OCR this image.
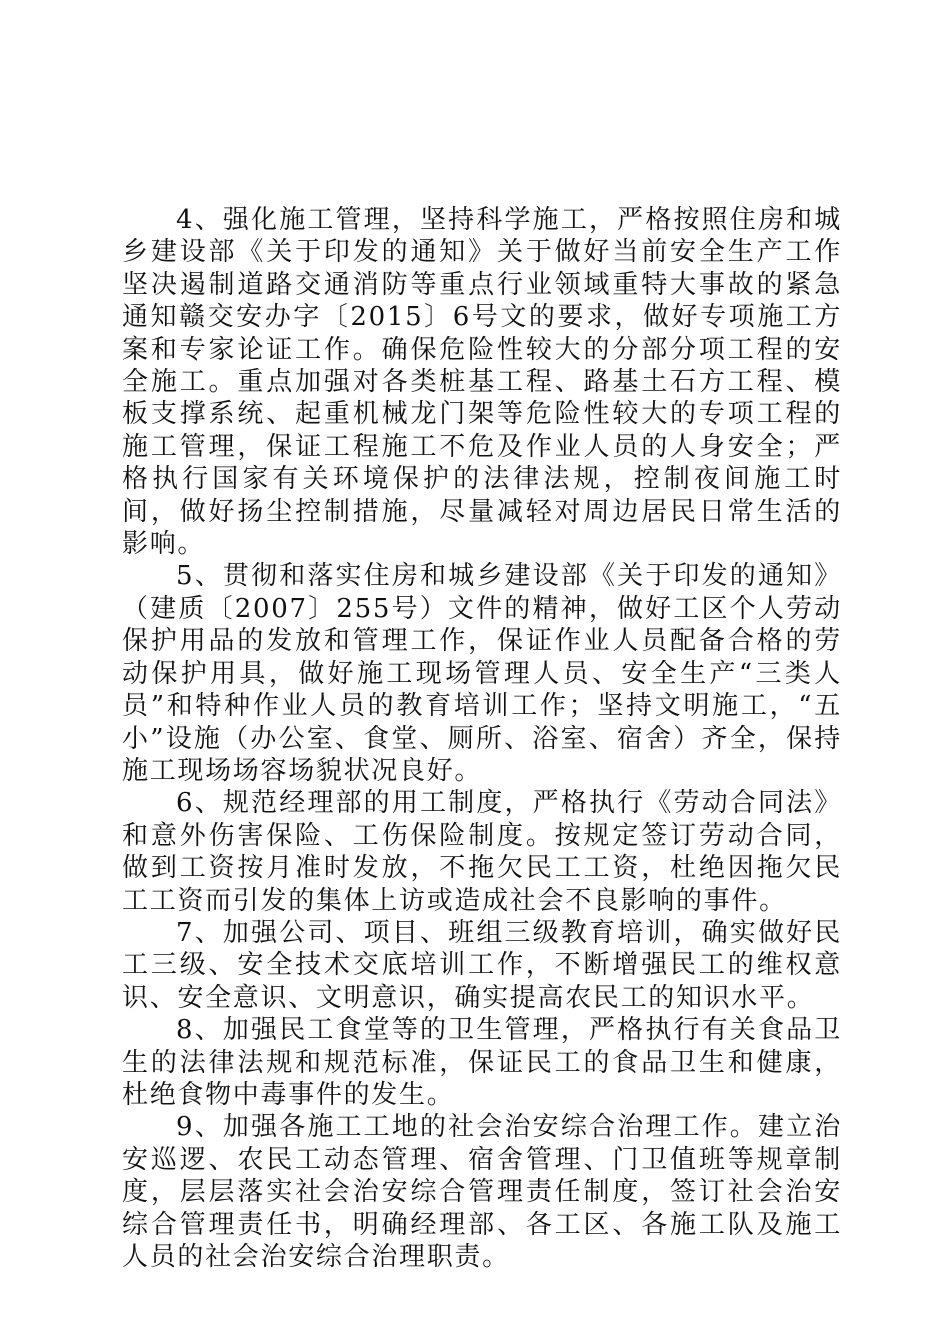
4、强化施工管理，坚持科学施工，严格按照住房和城乡建设部《关于印发的通知》关于做好当前安全生产工作坚决遏制道路交通消防等重点行业领域重特大事故的紧急通知赣交安办字〔2015〕6号文的要求，做好专项施工方案和专家论证工作。确保危险性较大的分部分项工程的安全施工。重点加强对各类桩基工程、路基土石方工程、模板支撑系统、起重机械龙门架等危险性较大的专项工程的施工管理，保证工程施工不危及作业人员的人身安全；严格执行国家有关环境保护的法律法规，控制夜间施工时间，做好扬尘控制措施，尽量减轻对周边居民日常生活的影响。

5、贯彻和落实住房和城乡建设部《关于印发的通知》（建质〔2007〕255号）文件的精神，做好工区个人劳动保护用品的发放和管理工作，保证作业人员配备合格的劳动保护用具，做好施工现场管理人员、安全生产“三类人员”和特种作业人员的教育培训工作；坚持文明施工，“五小”设施（办公室、食堂、厕所、浴室、宿舍）齐全，保持施工现场场容场貌状况良好。

6、规范经理部的用工制度，严格执行《劳动合同法》和意外伤害保险、工伤保险制度。按规定签订劳动合同，做到工资按月准时发放，不拖欠民工工资，杜绝因拖欠民工工资而引发的集体上访或造成社会不良影响的事件。

7、加强公司、项目、班组三级教育培训，确实做好民工三级、安全技术交底培训工作，不断增强民工的维权意识、安全意识、文明意识，确实提高农民工的知识水平。

8、加强民工食堂等的卫生管理，严格执行有关食品卫生的法律法规和规范标准，保证民工的食品卫生和健康，杜绝食物中毒事件的发生。

9、加强各施工工地的社会治安综合治理工作。建立治安巡逻、农民工动态管理、宿舍管理、门卫值班等规章制度，层层落实社会治安综合管理责任制度，签订社会治安综合管理责任书，明确经理部、各工区、各施工队及施工人员的社会治安综合治理职责。
